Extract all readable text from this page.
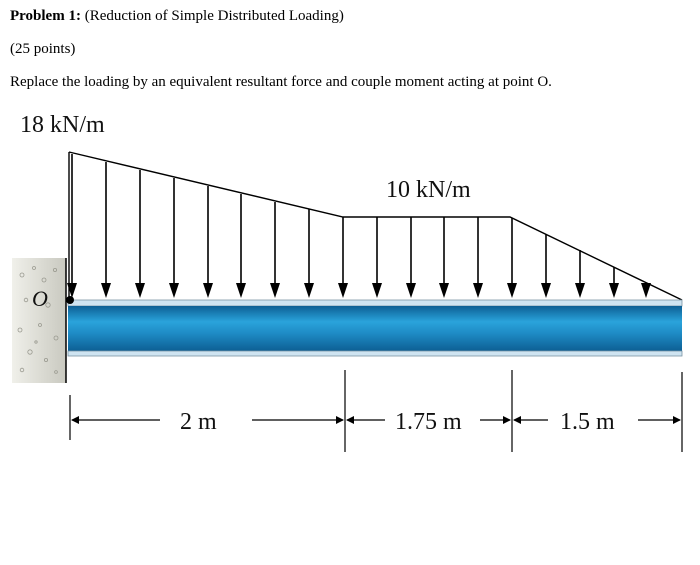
Problem 1: (Reduction of Simple Distributed Loading)
(25 points)
Replace the loading by an equivalent resultant force and couple moment acting at point O.
O
18 kN/m
10 kN/m
2 m	1.75 m	1.5 m
